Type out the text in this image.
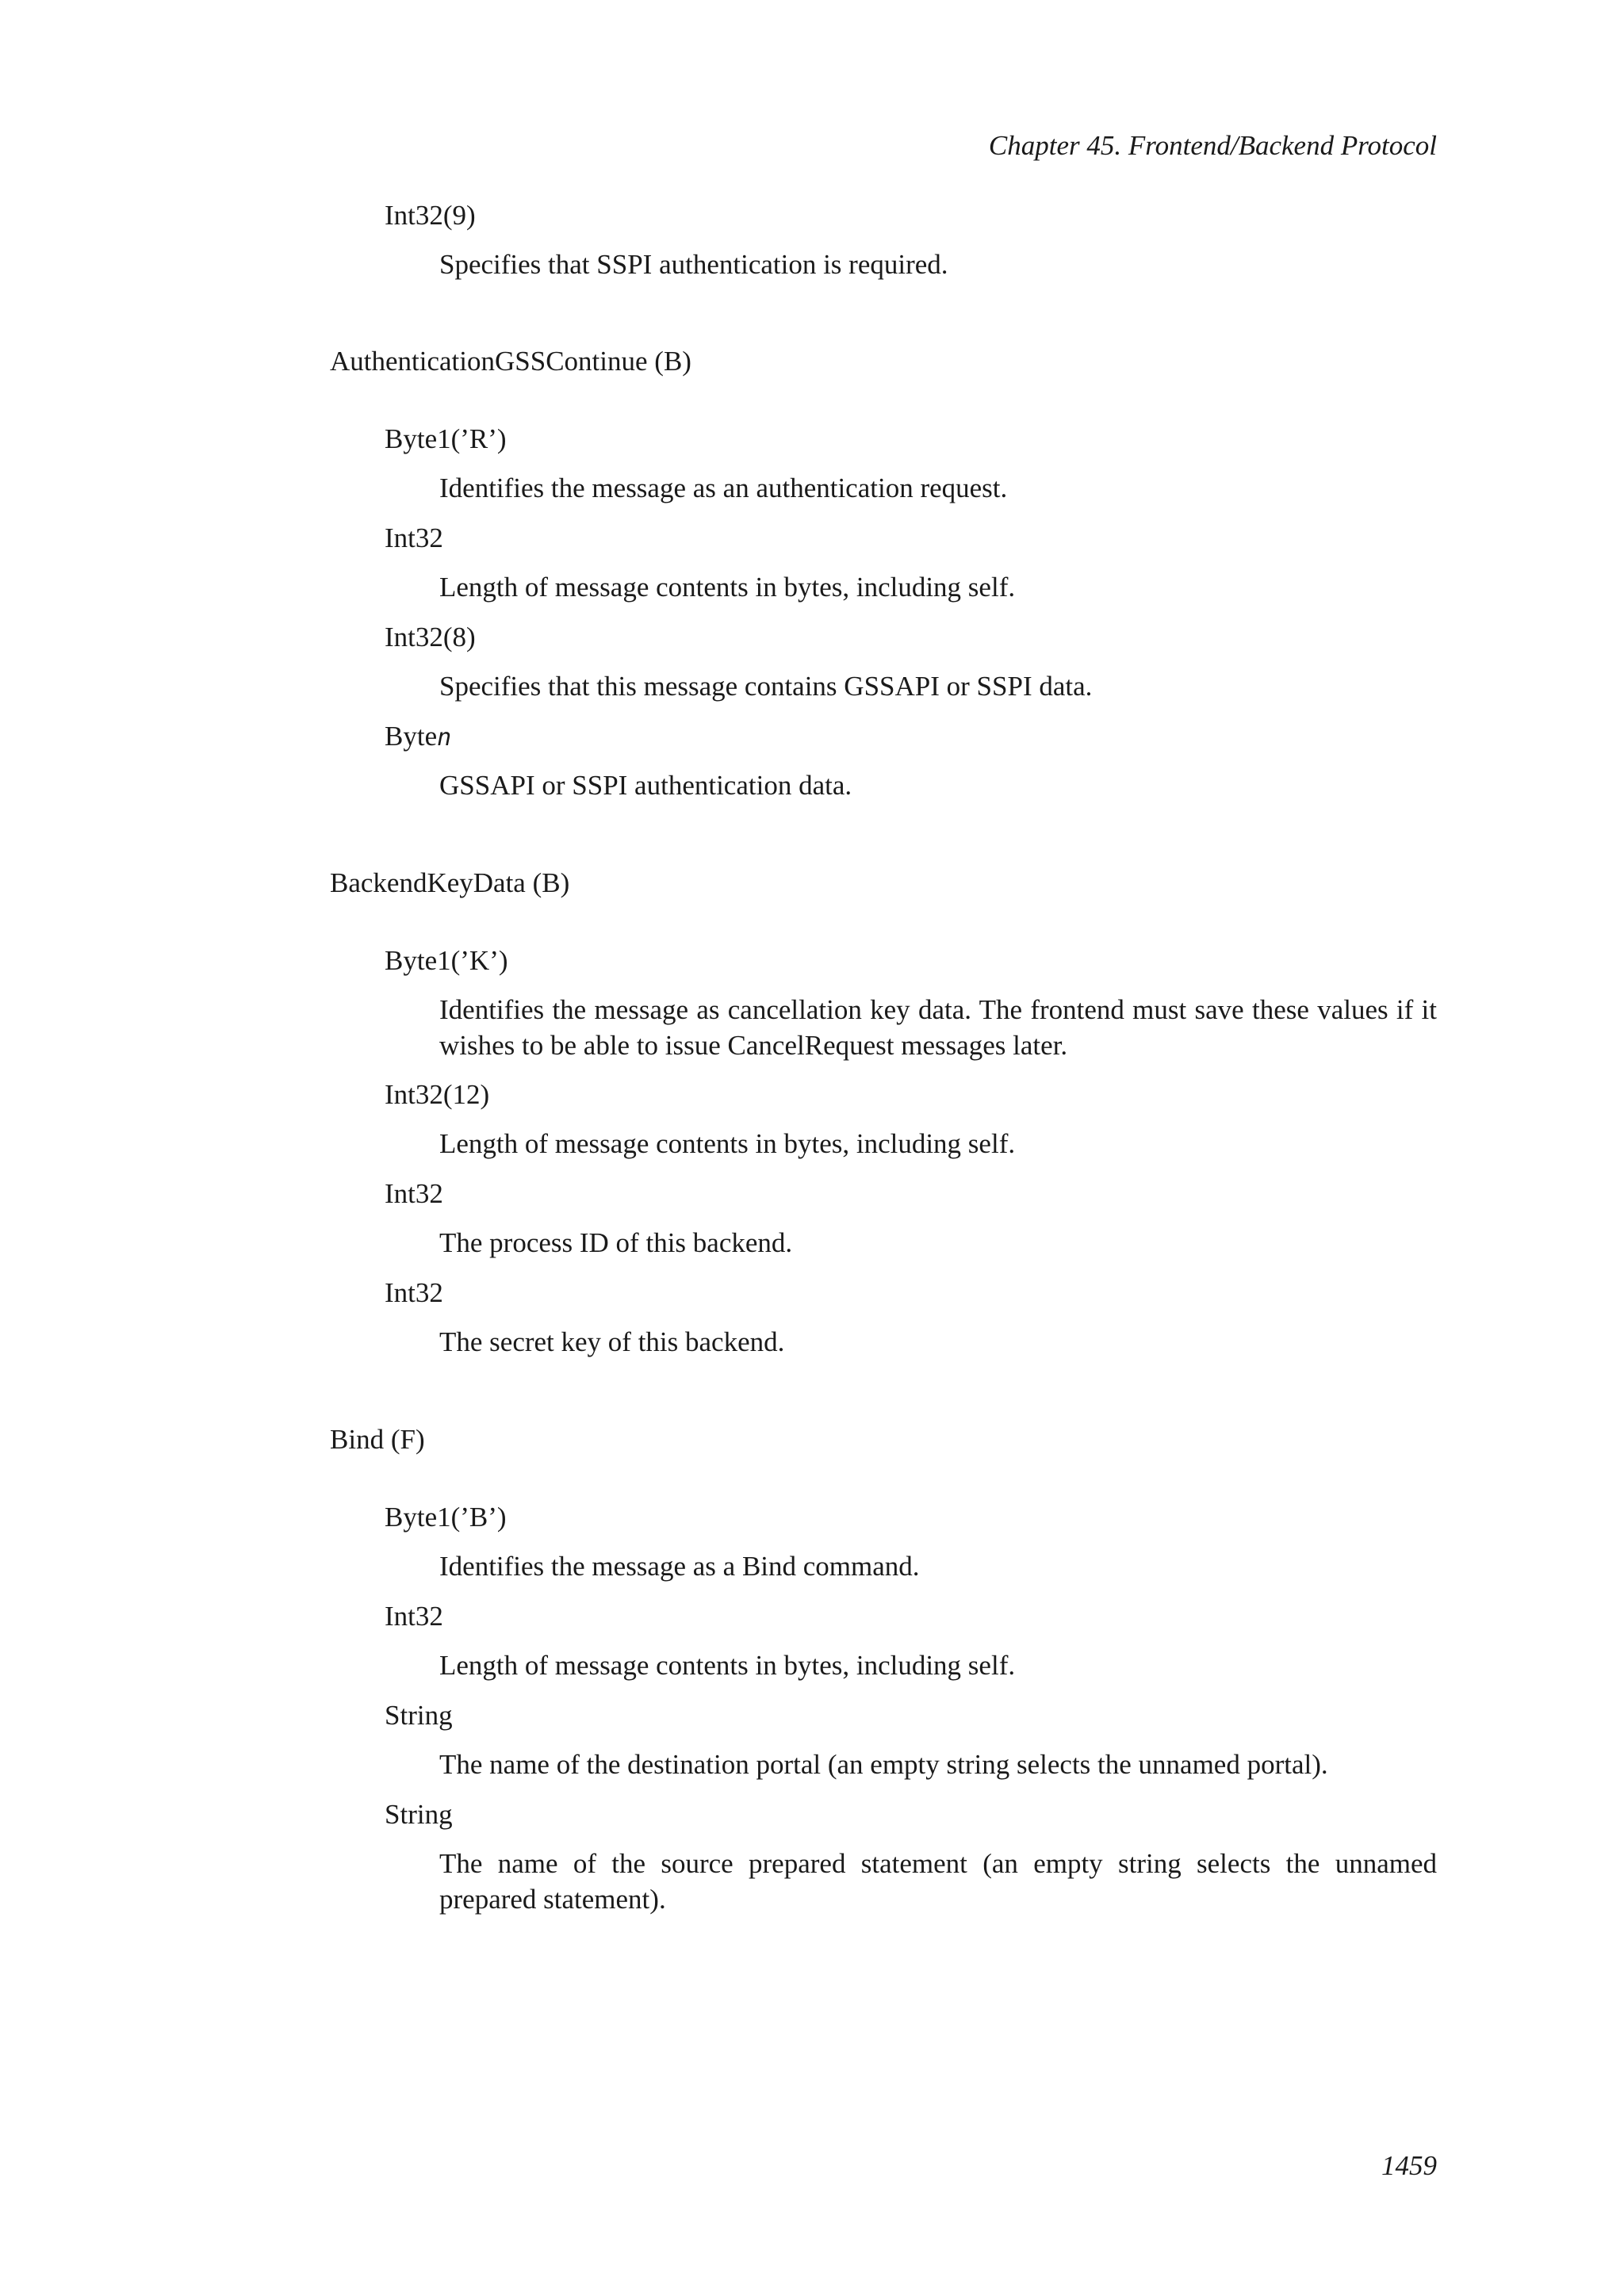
Chapter 45. Frontend/Backend Protocol
Int32(9)
Specifies that SSPI authentication is required.
AuthenticationGSSContinue (B)
Byte1(’R’)
Identifies the message as an authentication request.
Int32
Length of message contents in bytes, including self.
Int32(8)
Specifies that this message contains GSSAPI or SSPI data.
Byten
GSSAPI or SSPI authentication data.
BackendKeyData (B)
Byte1(’K’)
Identifies the message as cancellation key data. The frontend must save these values if it wishes to be able to issue CancelRequest messages later.
Int32(12)
Length of message contents in bytes, including self.
Int32
The process ID of this backend.
Int32
The secret key of this backend.
Bind (F)
Byte1(’B’)
Identifies the message as a Bind command.
Int32
Length of message contents in bytes, including self.
String
The name of the destination portal (an empty string selects the unnamed portal).
String
The name of the source prepared statement (an empty string selects the unnamed prepared statement).
1459
